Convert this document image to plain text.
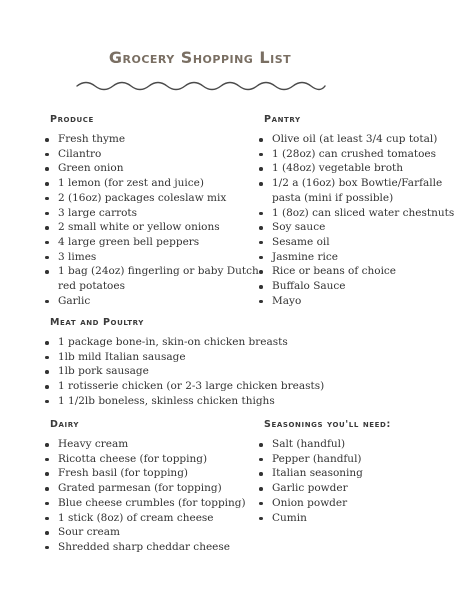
Grocery Shopping List
Produce
Fresh thyme
Cilantro
Green onion
1 lemon (for zest and juice)
2 (16oz) packages coleslaw mix
3 large carrots
2 small white or yellow onions
4 large green bell peppers
3 limes
1 bag (24oz) fingerling or baby Dutch
red potatoes
Garlic
Pantry
Olive oil (at least 3/4 cup total)
1 (28oz) can crushed tomatoes
1 (48oz) vegetable broth
1/2 a (16oz) box Bowtie/Farfalle
pasta (mini if possible)
1 (8oz) can sliced water chestnuts
Soy sauce
Sesame oil
Jasmine rice
Rice or beans of choice
Buffalo Sauce
Mayo
Meat and Poultry
1 package bone-in, skin-on chicken breasts
1lb mild Italian sausage
1lb pork sausage
1 rotisserie chicken (or 2-3 large chicken breasts)
1 1/2lb boneless, skinless chicken thighs
Dairy
Heavy cream
Ricotta cheese (for topping)
Fresh basil (for topping)
Grated parmesan (for topping)
Blue cheese crumbles (for topping)
1 stick (8oz) of cream cheese
Sour cream
Shredded sharp cheddar cheese
Seasonings you'll need:
Salt (handful)
Pepper (handful)
Italian seasoning
Garlic powder
Onion powder
Cumin
